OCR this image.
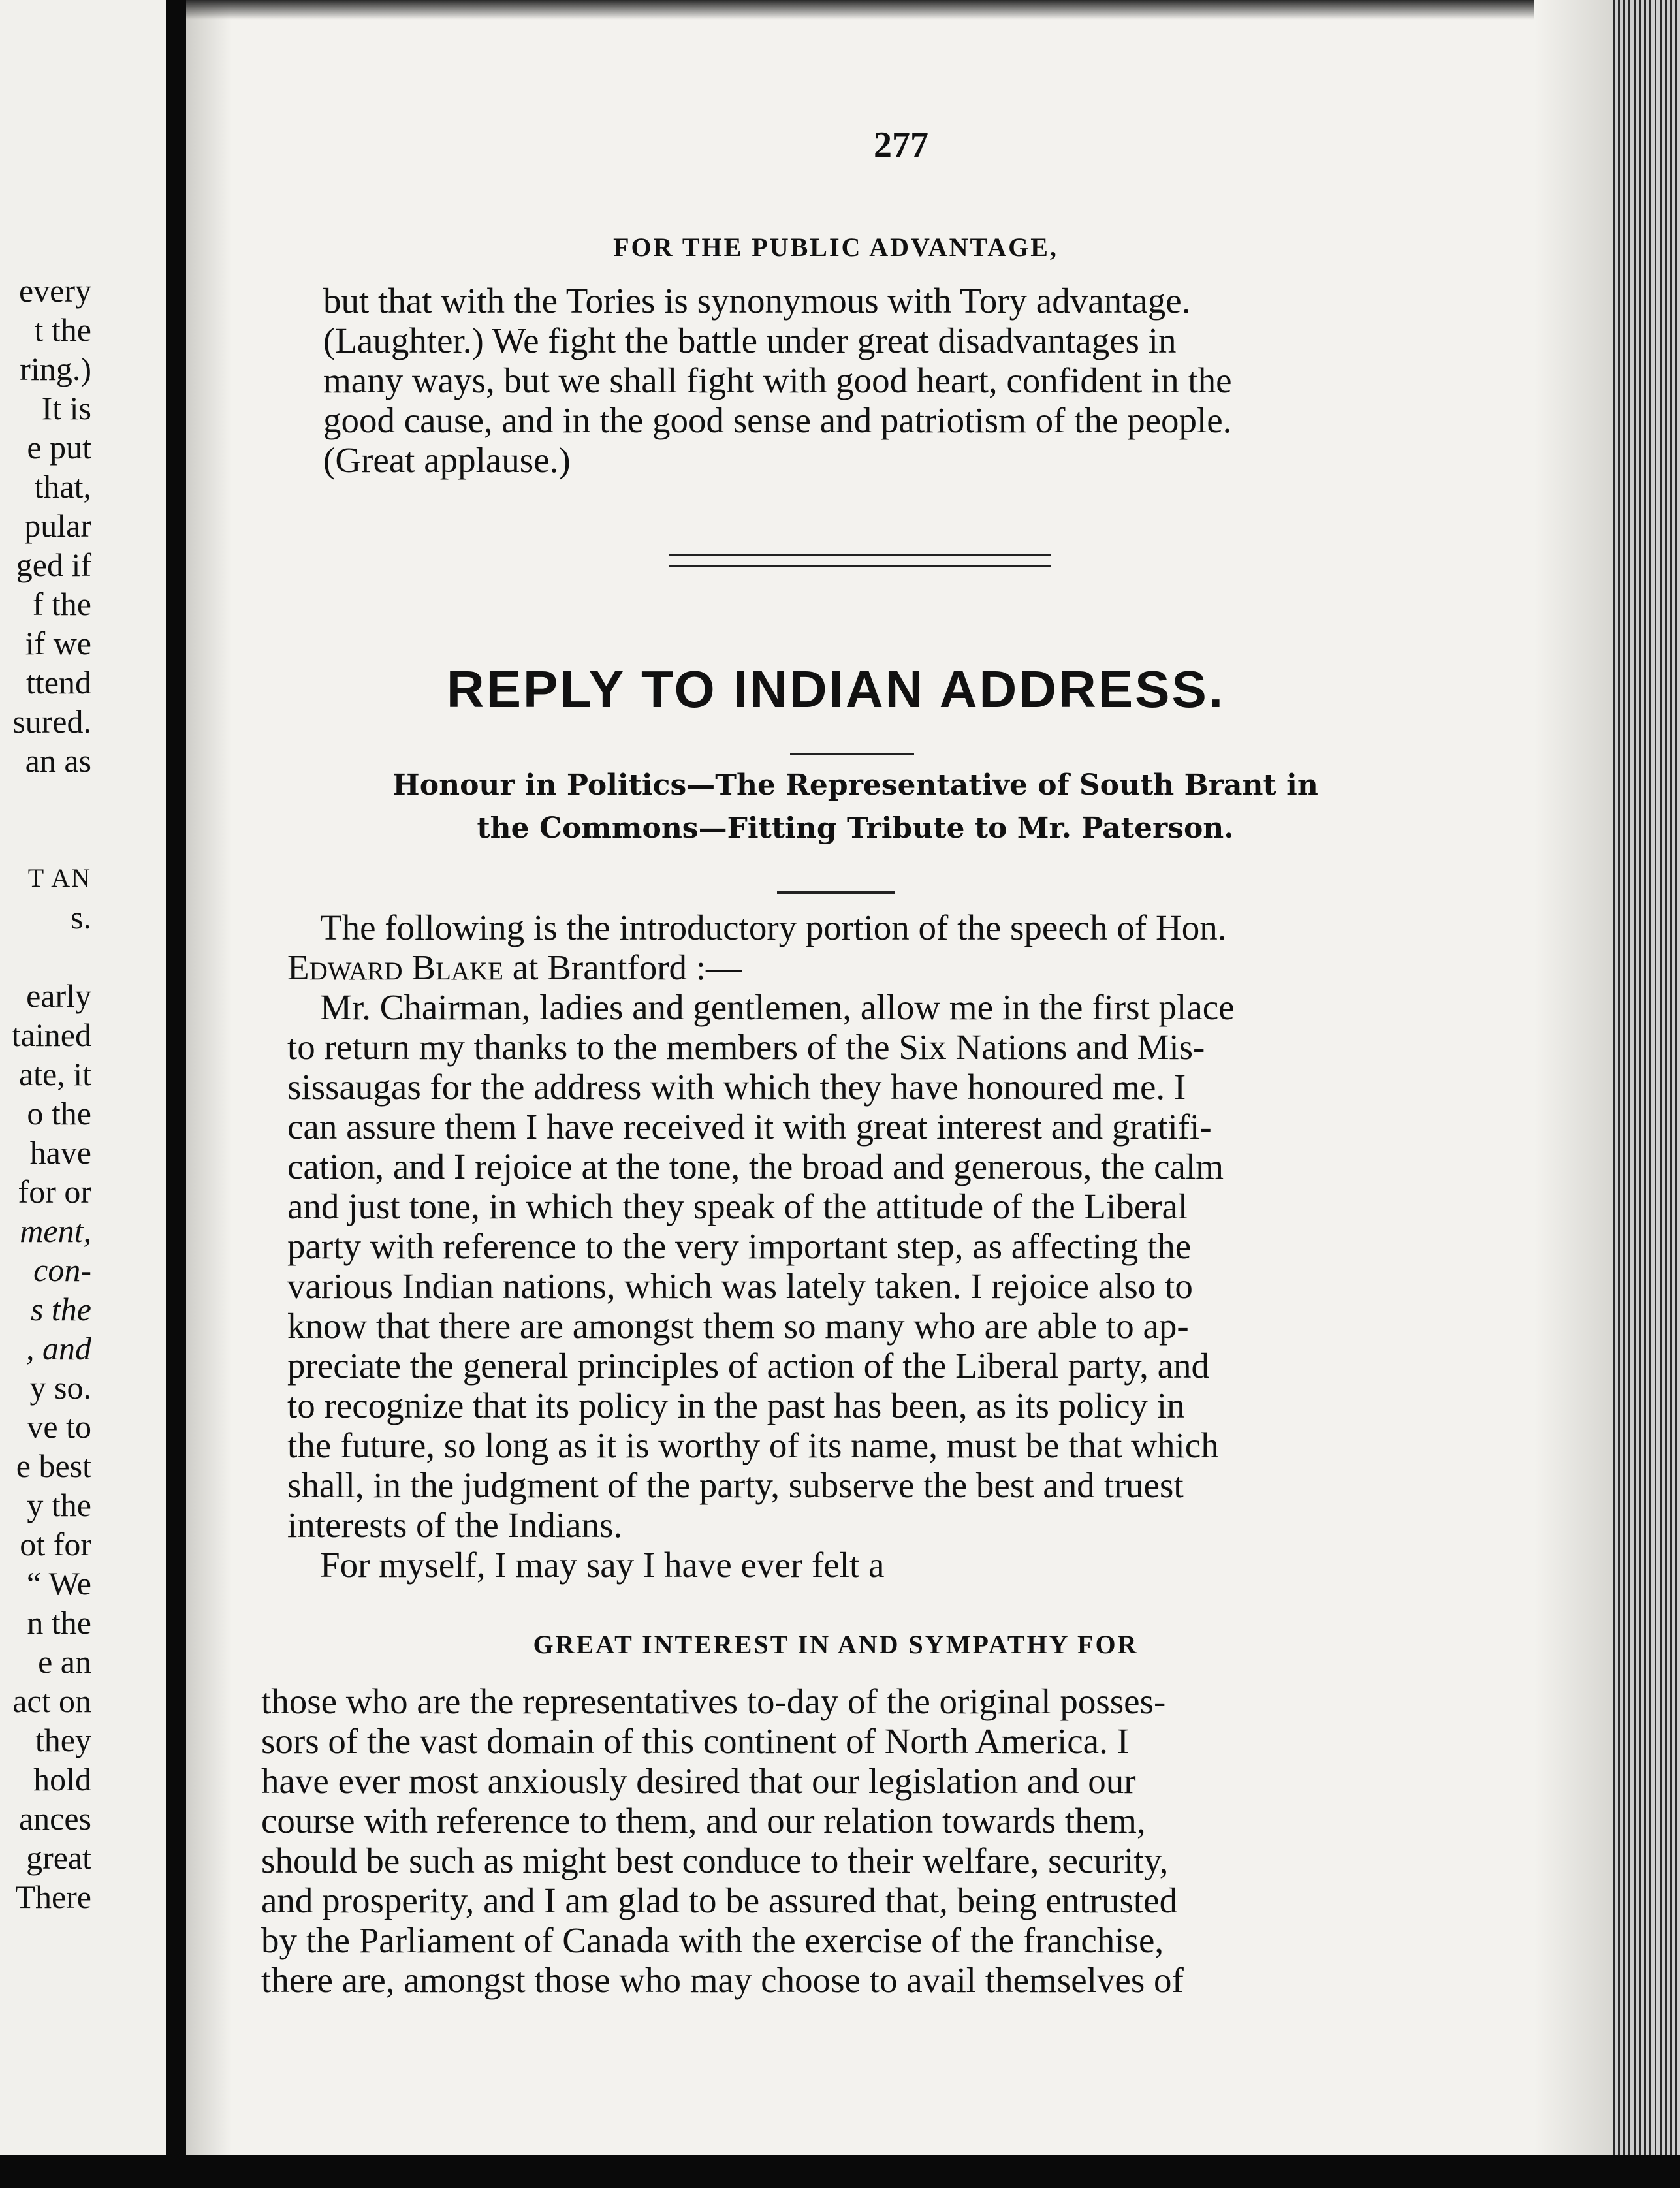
every
t the
ring.)
It is
e put
that,
pular
ged if
f the
if we
ttend
sured.
an as
T AN
s.
early
tained
ate, it
o the
have
for or
ment,
con-
s the
, and
y so.
ve to
e best
y the
ot for
“ We
n the
e an
act on
they
hold
ances
great
There
277
FOR THE PUBLIC ADVANTAGE,
but that with the Tories is synonymous with Tory advantage.
(Laughter.) We fight the battle under great disadvantages in
many ways, but we shall fight with good heart, confident in the
good cause, and in the good sense and patriotism of the people.
(Great applause.)
REPLY TO INDIAN ADDRESS.
Honour in Politics—The Representative of South Brant in
the Commons—Fitting Tribute to Mr. Paterson.
The following is the introductory portion of the speech of Hon.
Edward Blake at Brantford :—
Mr. Chairman, ladies and gentlemen, allow me in the first place
to return my thanks to the members of the Six Nations and Mis-
sissaugas for the address with which they have honoured me. I
can assure them I have received it with great interest and gratifi-
cation, and I rejoice at the tone, the broad and generous, the calm
and just tone, in which they speak of the attitude of the Liberal
party with reference to the very important step, as affecting the
various Indian nations, which was lately taken. I rejoice also to
know that there are amongst them so many who are able to ap-
preciate the general principles of action of the Liberal party, and
to recognize that its policy in the past has been, as its policy in
the future, so long as it is worthy of its name, must be that which
shall, in the judgment of the party, subserve the best and truest
interests of the Indians.
For myself, I may say I have ever felt a
GREAT INTEREST IN AND SYMPATHY FOR
those who are the representatives to-day of the original posses-
sors of the vast domain of this continent of North America. I
have ever most anxiously desired that our legislation and our
course with reference to them, and our relation towards them,
should be such as might best conduce to their welfare, security,
and prosperity, and I am glad to be assured that, being entrusted
by the Parliament of Canada with the exercise of the franchise,
there are, amongst those who may choose to avail themselves of
